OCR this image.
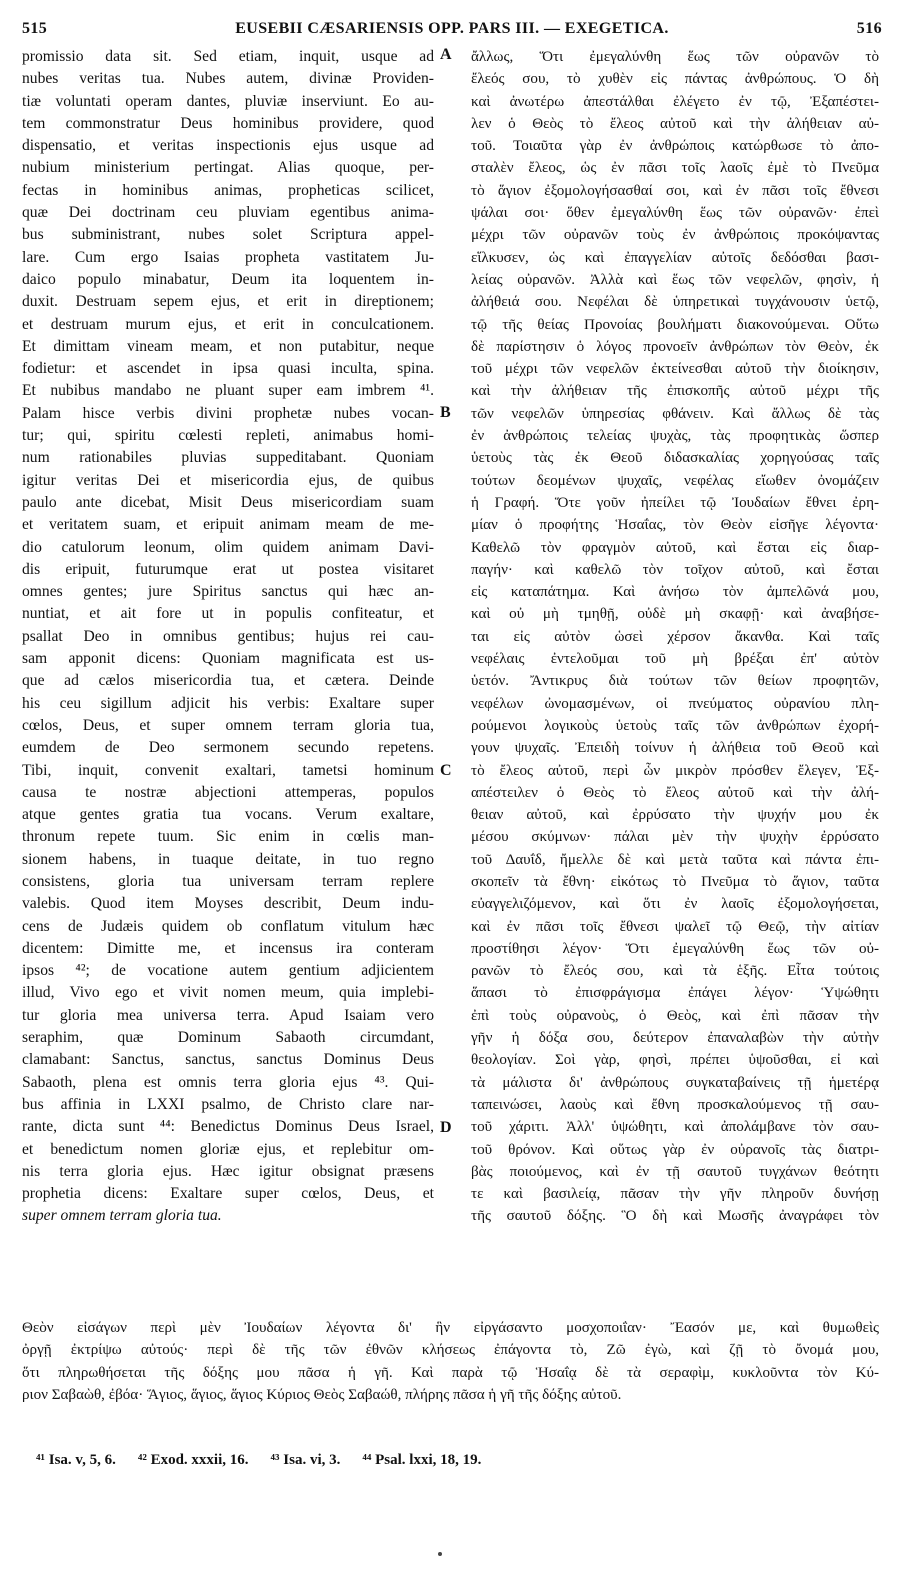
515	EUSEBII CÆSARIENSIS OPP. PARS III. — EXEGETICA.	516
promissio data sit. Sed etiam, inquit, usque ad
nubes veritas tua. Nubes autem, divinæ Providen-
tiæ voluntati operam dantes, pluviæ inserviunt. Eo au-
tem commonstratur Deus hominibus providere, quod
dispensatio, et veritas inspectionis ejus usque ad
nubium ministerium pertingat. Alias quoque, per-
fectas in hominibus animas, propheticas scilicet,
quæ Dei doctrinam ceu pluviam egentibus anima-
bus subministrant, nubes solet Scriptura appel-
lare. Cum ergo Isaias propheta vastitatem Ju-
daico populo minabatur, Deum ita loquentem in-
duxit. Destruam sepem ejus, et erit in direptionem;
et destruam murum ejus, et erit in conculcationem.
Et dimittam vineam meam, et non putabitur, neque
fodietur: et ascendet in ipsa quasi inculta, spina.
Et nubibus mandabo ne pluant super eam imbrem ⁴¹.
Palam hisce verbis divini prophetæ nubes vocan-
tur; qui, spiritu cœlesti repleti, animabus homi-
num rationabiles pluvias suppeditabant. Quoniam
igitur veritas Dei et misericordia ejus, de quibus
paulo ante dicebat, Misit Deus misericordiam suam
et veritatem suam, et eripuit animam meam de me-
dio catulorum leonum, olim quidem animam Davi-
dis eripuit, futurumque erat ut postea visitaret
omnes gentes; jure Spiritus sanctus qui hæc an-
nuntiat, et ait fore ut in populis confiteatur, et
psallat Deo in omnibus gentibus; hujus rei cau-
sam apponit dicens: Quoniam magnificata est us-
que ad cælos misericordia tua, et cætera. Deinde
his ceu sigillum adjicit his verbis: Exaltare super
cœlos, Deus, et super omnem terram gloria tua,
eumdem de Deo sermonem secundo repetens.
Tibi, inquit, convenit exaltari, tametsi hominum
causa te nostræ abjectioni attemperas, populos
atque gentes gratia tua vocans. Verum exaltare,
thronum repete tuum. Sic enim in cœlis man-
sionem habens, in tuaque deitate, in tuo regno
consistens, gloria tua universam terram replere
valebis. Quod item Moyses describit, Deum indu-
cens de Judæis quidem ob conflatum vitulum hæc
dicentem: Dimitte me, et incensus ira conteram
ipsos ⁴²; de vocatione autem gentium adjicientem
illud, Vivo ego et vivit nomen meum, quia implebi-
tur gloria mea universa terra. Apud Isaiam vero
seraphim, quæ Dominum Sabaoth circumdant,
clamabant: Sanctus, sanctus, sanctus Dominus Deus
Sabaoth, plena est omnis terra gloria ejus ⁴³. Qui-
bus affinia in LXXI psalmo, de Christo clare nar-
rante, dicta sunt ⁴⁴: Benedictus Dominus Deus Israel,
et benedictum nomen gloriæ ejus, et replebitur om-
nis terra gloria ejus. Hæc igitur obsignat præsens
prophetia dicens: Exaltare super cœlos, Deus, et
super omnem terram gloria tua.
ἄλλως, Ὅτι ἐμεγαλύνθη ἕως τῶν οὐρανῶν τὸ
ἔλεός σου, τὸ χυθὲν εἰς πάντας ἀνθρώπους. Ὁ δὴ
καὶ ἀνωτέρω ἀπεστάλθαι ἐλέγετο ἐν τῷ, Ἐξαπέστει-
λεν ὁ Θεὸς τὸ ἔλεος αὐτοῦ καὶ τὴν ἀλήθειαν αὐ-
τοῦ. Τοιαῦτα γὰρ ἐν ἀνθρώποις κατώρθωσε τὸ ἀπο-
σταλὲν ἔλεος, ὡς ἐν πᾶσι τοῖς λαοῖς ἐμὲ τὸ Πνεῦμα
τὸ ἅγιον ἐξομολογήσασθαί σοι, καὶ ἐν πᾶσι τοῖς ἔθνεσι
ψάλαι σοι· ὅθεν ἐμεγαλύνθη ἕως τῶν οὐρανῶν· ἐπεὶ
μέχρι τῶν οὐρανῶν τοὺς ἐν ἀνθρώποις προκόψαντας
εἵλκυσεν, ὡς καὶ ἐπαγγελίαν αὐτοῖς δεδόσθαι βασι-
λείας οὐρανῶν. Ἀλλὰ καὶ ἕως τῶν νεφελῶν, φησὶν, ἡ
ἀλήθειά σου. Νεφέλαι δὲ ὑπηρετικαὶ τυγχάνουσιν ὑετῷ,
τῷ τῆς θείας Προνοίας βουλήματι διακονούμεναι. Οὕτω
δὲ παρίστησιν ὁ λόγος προνοεῖν ἀνθρώπων τὸν Θεὸν, ἐκ
τοῦ μέχρι τῶν νεφελῶν ἐκτείνεσθαι αὐτοῦ τὴν διοίκησιν,
καὶ τὴν ἀλήθειαν τῆς ἐπισκοπῆς αὐτοῦ μέχρι τῆς
τῶν νεφελῶν ὑπηρεσίας φθάνειν. Καὶ ἄλλως δὲ τὰς
ἐν ἀνθρώποις τελείας ψυχὰς, τὰς προφητικὰς ὥσπερ
ὑετοὺς τὰς ἐκ Θεοῦ διδασκαλίας χορηγούσας ταῖς
τούτων δεομένων ψυχαῖς, νεφέλας εἴωθεν ὀνομάζειν
ἡ Γραφή. Ὅτε γοῦν ἠπείλει τῷ Ἰουδαίων ἔθνει ἐρη-
μίαν ὁ προφήτης Ἡσαΐας, τὸν Θεὸν εἰσῆγε λέγοντα·
Καθελῶ τὸν φραγμὸν αὐτοῦ, καὶ ἔσται εἰς διαρ-
παγήν· καὶ καθελῶ τὸν τοῖχον αὐτοῦ, καὶ ἔσται
εἰς καταπάτημα. Καὶ ἀνήσω τὸν ἀμπελῶνά μου,
καὶ οὐ μὴ τμηθῇ, οὐδὲ μὴ σκαφῇ· καὶ ἀναβήσε-
ται εἰς αὐτὸν ὡσεὶ χέρσον ἄκανθα. Καὶ ταῖς
νεφέλαις ἐντελοῦμαι τοῦ μὴ βρέξαι ἐπ' αὐτὸν
ὑετόν. Ἄντικρυς διὰ τούτων τῶν θείων προφητῶν,
νεφέλων ὠνομασμένων, οἱ πνεύματος οὐρανίου πλη-
ρούμενοι λογικοὺς ὑετοὺς ταῖς τῶν ἀνθρώπων ἐχορή-
γουν ψυχαῖς. Ἐπειδὴ τοίνυν ἡ ἀλήθεια τοῦ Θεοῦ καὶ
τὸ ἔλεος αὐτοῦ, περὶ ὧν μικρὸν πρόσθεν ἔλεγεν, Ἐξ-
απέστειλεν ὁ Θεὸς τὸ ἔλεος αὐτοῦ καὶ τὴν ἀλή-
θειαν αὐτοῦ, καὶ ἐρρύσατο τὴν ψυχήν μου ἐκ
μέσου σκύμνων· πάλαι μὲν τὴν ψυχὴν ἐρρύσατο
τοῦ Δαυΐδ, ἤμελλε δὲ καὶ μετὰ ταῦτα καὶ πάντα ἐπι-
σκοπεῖν τὰ ἔθνη· εἰκότως τὸ Πνεῦμα τὸ ἅγιον, ταῦτα
εὐαγγελιζόμενον, καὶ ὅτι ἐν λαοῖς ἐξομολογήσεται,
καὶ ἐν πᾶσι τοῖς ἔθνεσι ψαλεῖ τῷ Θεῷ, τὴν αἰτίαν
προστίθησι λέγον· Ὅτι ἐμεγαλύνθη ἕως τῶν οὐ-
ρανῶν τὸ ἔλεός σου, καὶ τὰ ἑξῆς. Εἶτα τούτοις
ἅπασι τὸ ἐπισφράγισμα ἐπάγει λέγον· Ὑψώθητι
ἐπὶ τοὺς οὐρανοὺς, ὁ Θεὸς, καὶ ἐπὶ πᾶσαν τὴν
γῆν ἡ δόξα σου, δεύτερον ἐπαναλαβὼν τὴν αὐτὴν
θεολογίαν. Σοὶ γὰρ, φησὶ, πρέπει ὑψοῦσθαι, εἰ καὶ
τὰ μάλιστα δι' ἀνθρώπους συγκαταβαίνεις τῇ ἡμετέρᾳ
ταπεινώσει, λαοὺς καὶ ἔθνη προσκαλούμενος τῇ σαυ-
τοῦ χάριτι. Ἀλλ' ὑψώθητι, καὶ ἀπολάμβανε τὸν σαυ-
τοῦ θρόνον. Καὶ οὕτως γὰρ ἐν οὐρανοῖς τὰς διατρι-
βὰς ποιούμενος, καὶ ἐν τῇ σαυτοῦ τυγχάνων θεότητι
τε καὶ βασιλείᾳ, πᾶσαν τὴν γῆν πληροῦν δυνήσῃ
τῆς σαυτοῦ δόξης. Ὃ δὴ καὶ Μωσῆς ἀναγράφει τὸν
A
B
C
D
Θεὸν εἰσάγων περὶ μὲν Ἰουδαίων λέγοντα δι' ἣν εἰργάσαντο μοσχοποιΐαν· Ἔασόν με, καὶ θυμωθεὶς
ὀργῇ ἐκτρίψω αὐτούς· περὶ δὲ τῆς τῶν ἐθνῶν κλήσεως ἐπάγοντα τὸ, Ζῶ ἐγὼ, καὶ ζῇ τὸ ὄνομά μου,
ὅτι πληρωθήσεται τῆς δόξης μου πᾶσα ἡ γῆ. Καὶ παρὰ τῷ Ἡσαΐᾳ δὲ τὰ σεραφὶμ, κυκλοῦντα τὸν Κύ-
ριον Σαβαὼθ, ἐβόα· Ἅγιος, ἅγιος, ἅγιος Κύριος Θεὸς Σαβαώθ, πλήρης πᾶσα ἡ γῆ τῆς δόξης αὐτοῦ.
⁴¹ Isa. v, 5, 6. ⁴² Exod. xxxii, 16. ⁴³ Isa. vi, 3. ⁴⁴ Psal. lxxi, 18, 19.
